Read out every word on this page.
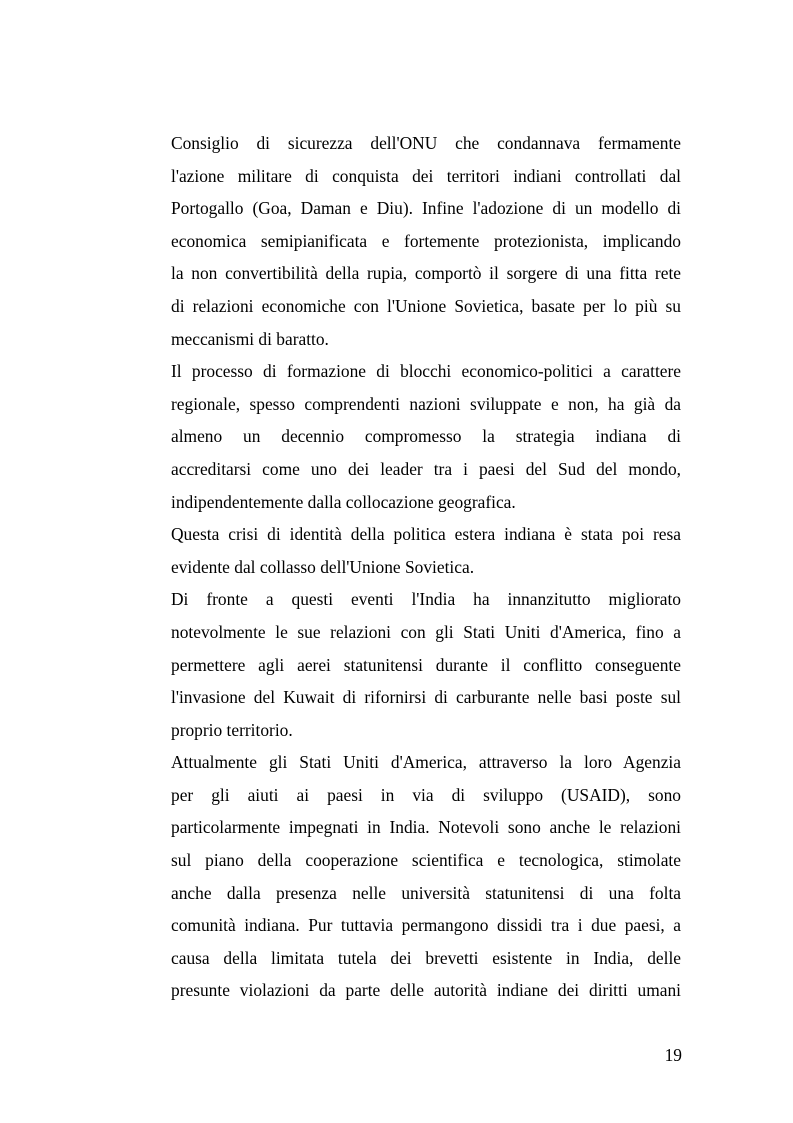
Consiglio di sicurezza dell'ONU che condannava fermamente
l'azione militare di conquista dei territori indiani controllati dal
Portogallo (Goa, Daman e Diu). Infine l'adozione di un modello di
economica semipianificata e fortemente protezionista, implicando
la non convertibilità della rupia, comportò il sorgere di una fitta rete
di relazioni economiche con l'Unione Sovietica, basate per lo più su
meccanismi di baratto.
Il processo di formazione di blocchi economico-politici a carattere
regionale, spesso comprendenti nazioni sviluppate e non, ha già da
almeno un decennio compromesso la strategia indiana di
accreditarsi come uno dei leader tra i paesi del Sud del mondo,
indipendentemente dalla collocazione geografica.
Questa crisi di identità della politica estera indiana è stata poi resa
evidente dal collasso dell'Unione Sovietica.
Di fronte a questi eventi l'India ha innanzitutto migliorato
notevolmente le sue relazioni con gli Stati Uniti d'America, fino a
permettere agli aerei statunitensi durante il conflitto conseguente
l'invasione del Kuwait di rifornirsi di carburante nelle basi poste sul
proprio territorio.
Attualmente gli Stati Uniti d'America, attraverso la loro Agenzia
per gli aiuti ai paesi in via di sviluppo (USAID), sono
particolarmente impegnati in India. Notevoli sono anche le relazioni
sul piano della cooperazione scientifica e tecnologica, stimolate
anche dalla presenza nelle università statunitensi di una folta
comunità indiana. Pur tuttavia permangono dissidi tra i due paesi, a
causa della limitata tutela dei brevetti esistente in India, delle
presunte violazioni da parte delle autorità indiane dei diritti umani
19
